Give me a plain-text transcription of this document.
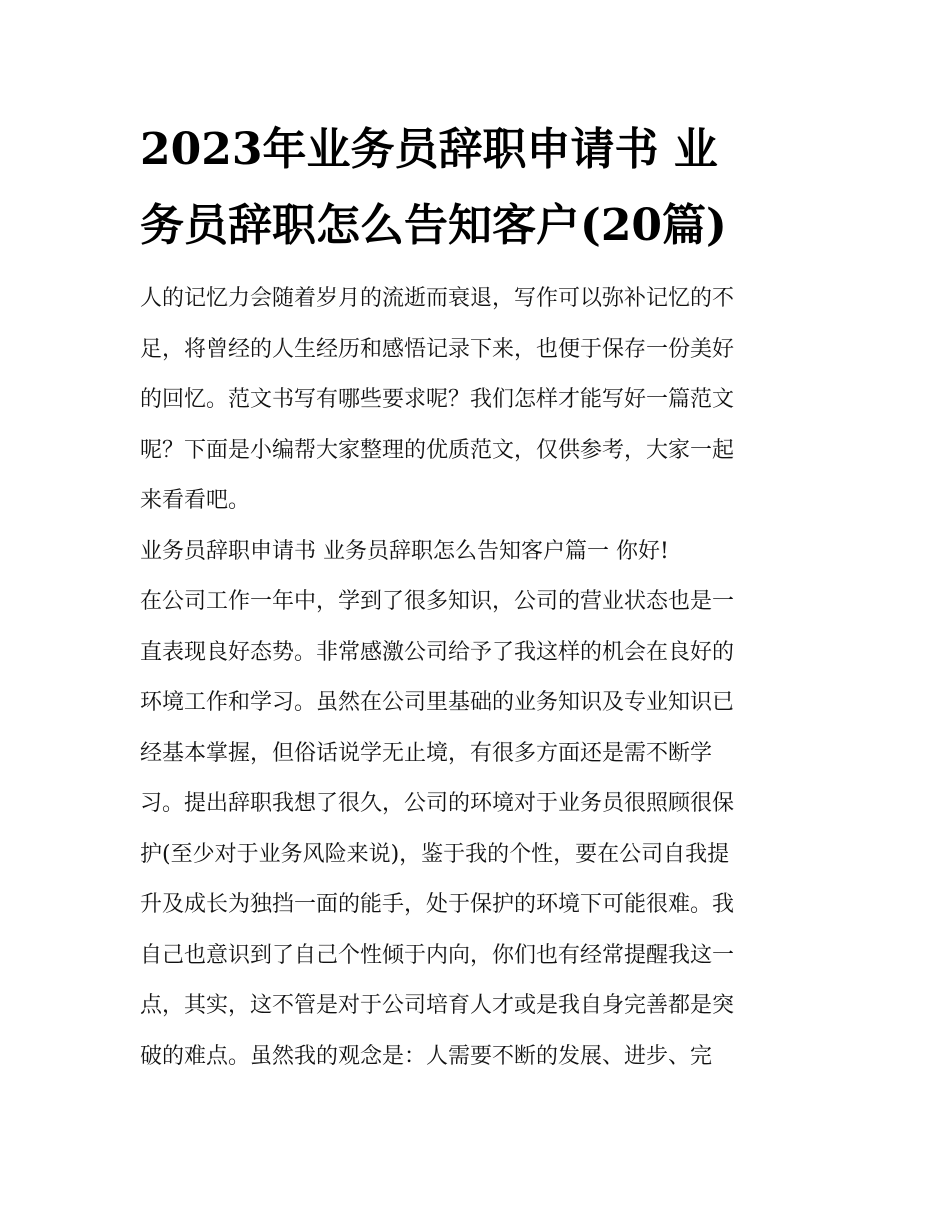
2023年业务员辞职申请书 业
务员辞职怎么告知客户(20篇)
人的记忆力会随着岁月的流逝而衰退，写作可以弥补记忆的不
足，将曾经的人生经历和感悟记录下来，也便于保存一份美好
的回忆。范文书写有哪些要求呢？我们怎样才能写好一篇范文
呢？下面是小编帮大家整理的优质范文，仅供参考，大家一起
来看看吧。
业务员辞职申请书 业务员辞职怎么告知客户篇一 你好!
在公司工作一年中，学到了很多知识，公司的营业状态也是一
直表现良好态势。非常感激公司给予了我这样的机会在良好的
环境工作和学习。虽然在公司里基础的业务知识及专业知识已
经基本掌握，但俗话说学无止境，有很多方面还是需不断学
习。提出辞职我想了很久，公司的环境对于业务员很照顾很保
护(至少对于业务风险来说)，鉴于我的个性，要在公司自我提
升及成长为独挡一面的能手，处于保护的环境下可能很难。我
自己也意识到了自己个性倾于内向，你们也有经常提醒我这一
点，其实，这不管是对于公司培育人才或是我自身完善都是突
破的难点。虽然我的观念是：人需要不断的发展、进步、完
